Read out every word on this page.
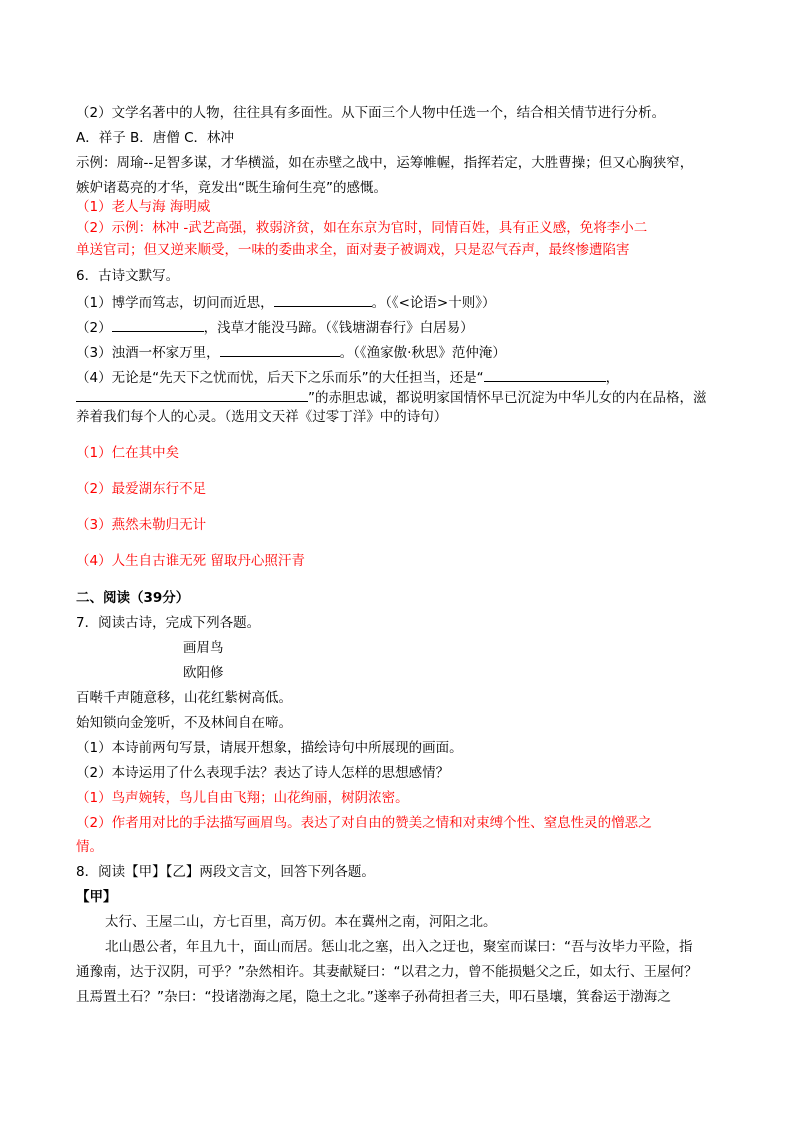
（2）文学名著中的人物，往往具有多面性。从下面三个人物中任选一个，结合相关情节进行分析。
A．祥子 B．唐僧 C．林冲
示例：周瑜--足智多谋，才华横溢，如在赤壁之战中，运筹帷幄，指挥若定，大胜曹操；但又心胸狭窄，
嫉妒诸葛亮的才华，竟发出“既生瑜何生亮”的感慨。
（1）老人与海 海明威
（2）示例：林冲 -武艺高强，救弱济贫，如在东京为官时，同情百姓，具有正义感，免将李小二
单送官司；但又逆来顺受，一味的委曲求全，面对妻子被调戏，只是忍气吞声，最终惨遭陷害
6．古诗文默写。
（1）博学而笃志，切问而近思，	。（《<论语>十则》）
（2）	，浅草才能没马蹄。（《钱塘湖春行》白居易）
（3）浊酒一杯家万里，	。（《渔家傲·秋思》范仲淹）
（4）无论是“先天下之忧而忧，后天下之乐而乐”的大任担当，还是“	，
”的赤胆忠诚，都说明家国情怀早已沉淀为中华儿女的内在品格，滋
养着我们每个人的心灵。（选用文天祥《过零丁洋》中的诗句）
（1）仁在其中矣
（2）最爱湖东行不足
（3）燕然未勒归无计
（4）人生自古谁无死 留取丹心照汗青
二、阅读（39分）
7．阅读古诗，完成下列各题。
画眉鸟
欧阳修
百啭千声随意移，山花红紫树高低。
始知锁向金笼听，不及林间自在啼。
（1）本诗前两句写景，请展开想象，描绘诗句中所展现的画面。
（2）本诗运用了什么表现手法？表达了诗人怎样的思想感情？
（1）鸟声婉转，鸟儿自由飞翔；山花绚丽，树阴浓密。
（2）作者用对比的手法描写画眉鸟。表达了对自由的赞美之情和对束缚个性、窒息性灵的憎恶之
情。
8．阅读【甲】【乙】两段文言文，回答下列各题。
【甲】
太行、王屋二山，方七百里，高万仞。本在冀州之南，河阳之北。
北山愚公者，年且九十，面山而居。惩山北之塞，出入之迂也，聚室而谋曰：“吾与汝毕力平险，指
通豫南，达于汉阴，可乎？”杂然相许。其妻献疑曰：“以君之力，曾不能损魁父之丘，如太行、王屋何？
且焉置土石？”杂曰：“投诸渤海之尾，隐土之北。”遂率子孙荷担者三夫，叩石垦壤，箕畚运于渤海之
